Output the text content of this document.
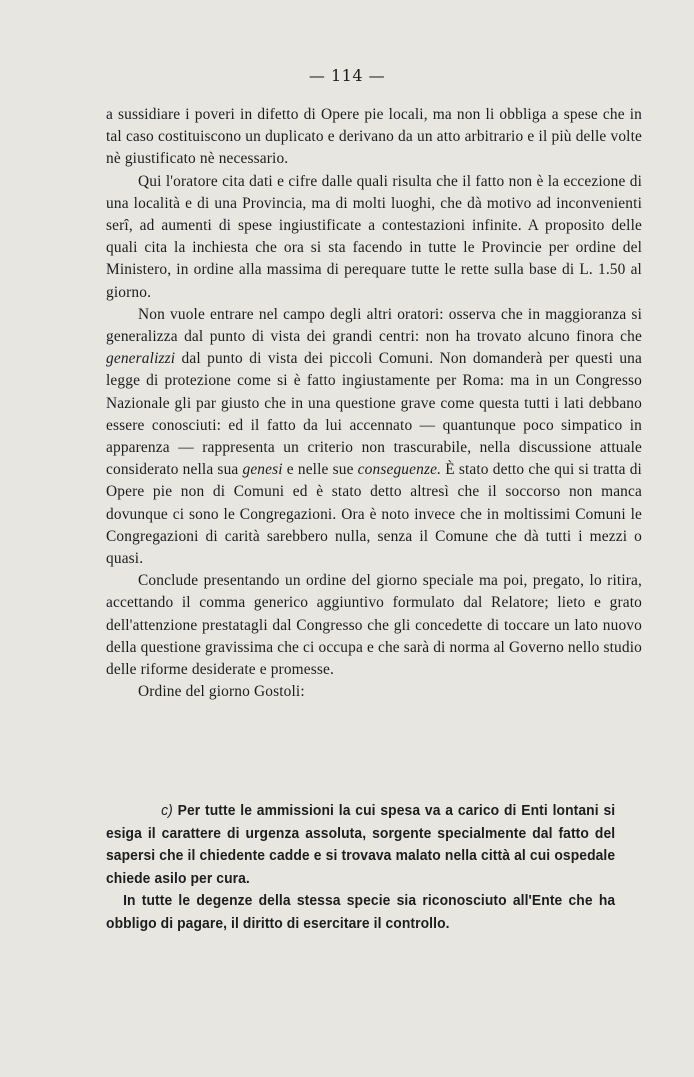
— 114 —

a sussidiare i poveri in difetto di Opere pie locali, ma non li obbliga a spese che in tal caso costituiscono un duplicato e derivano da un atto arbitrario e il più delle volte nè giustificato nè necessario.

Qui l'oratore cita dati e cifre dalle quali risulta che il fatto non è la eccezione di una località e di una Provincia, ma di molti luoghi, che dà motivo ad inconvenienti serî, ad aumenti di spese ingiustificate a contestazioni infinite. A proposito delle quali cita la inchiesta che ora si sta facendo in tutte le Provincie per ordine del Ministero, in ordine alla massima di perequare tutte le rette sulla base di L. 1.50 al giorno.

Non vuole entrare nel campo degli altri oratori: osserva che in maggioranza si generalizza dal punto di vista dei grandi centri: non ha trovato alcuno finora che generalizzi dal punto di vista dei piccoli Comuni. Non domanderà per questi una legge di protezione come si è fatto ingiustamente per Roma: ma in un Congresso Nazionale gli par giusto che in una questione grave come questa tutti i lati debbano essere conosciuti: ed il fatto da lui accennato — quantunque poco simpatico in apparenza — rappresenta un criterio non trascurabile, nella discussione attuale considerato nella sua genesi e nelle sue conseguenze. È stato detto che qui si tratta di Opere pie non di Comuni ed è stato detto altresì che il soccorso non manca dovunque ci sono le Congregazioni. Ora è noto invece che in moltissimi Comuni le Congregazioni di carità sarebbero nulla, senza il Comune che dà tutti i mezzi o quasi.

Conclude presentando un ordine del giorno speciale ma poi, pregato, lo ritira, accettando il comma generico aggiuntivo formulato dal Relatore; lieto e grato dell'attenzione prestatagli dal Congresso che gli concedette di toccare un lato nuovo della questione gravissima che ci occupa e che sarà di norma al Governo nello studio delle riforme desiderate e promesse.

Ordine del giorno Gostoli:

c) Per tutte le ammissioni la cui spesa va a carico di Enti lontani si esiga il carattere di urgenza assoluta, sorgente specialmente dal fatto del sapersi che il chiedente cadde e si trovava malato nella città al cui ospedale chiede asilo per cura.

In tutte le degenze della stessa specie sia riconosciuto all'Ente che ha obbligo di pagare, il diritto di esercitare il controllo.
